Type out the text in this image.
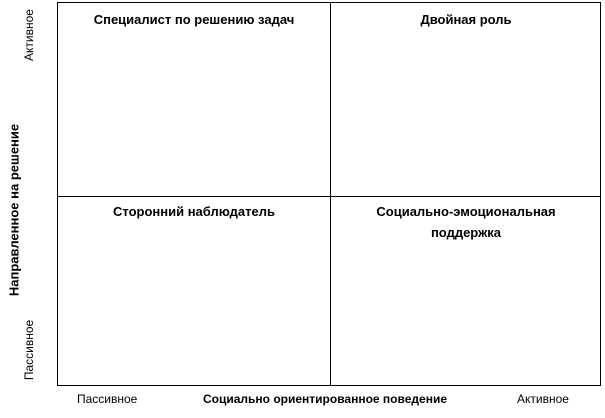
Специалист по решению задач	Двойная роль
Сторонний наблюдатель	Социально-эмоциональная
поддержка
Пассивное	Социально ориентированное поведение	Активное
Активное
Направленное на решение
Пассивное
